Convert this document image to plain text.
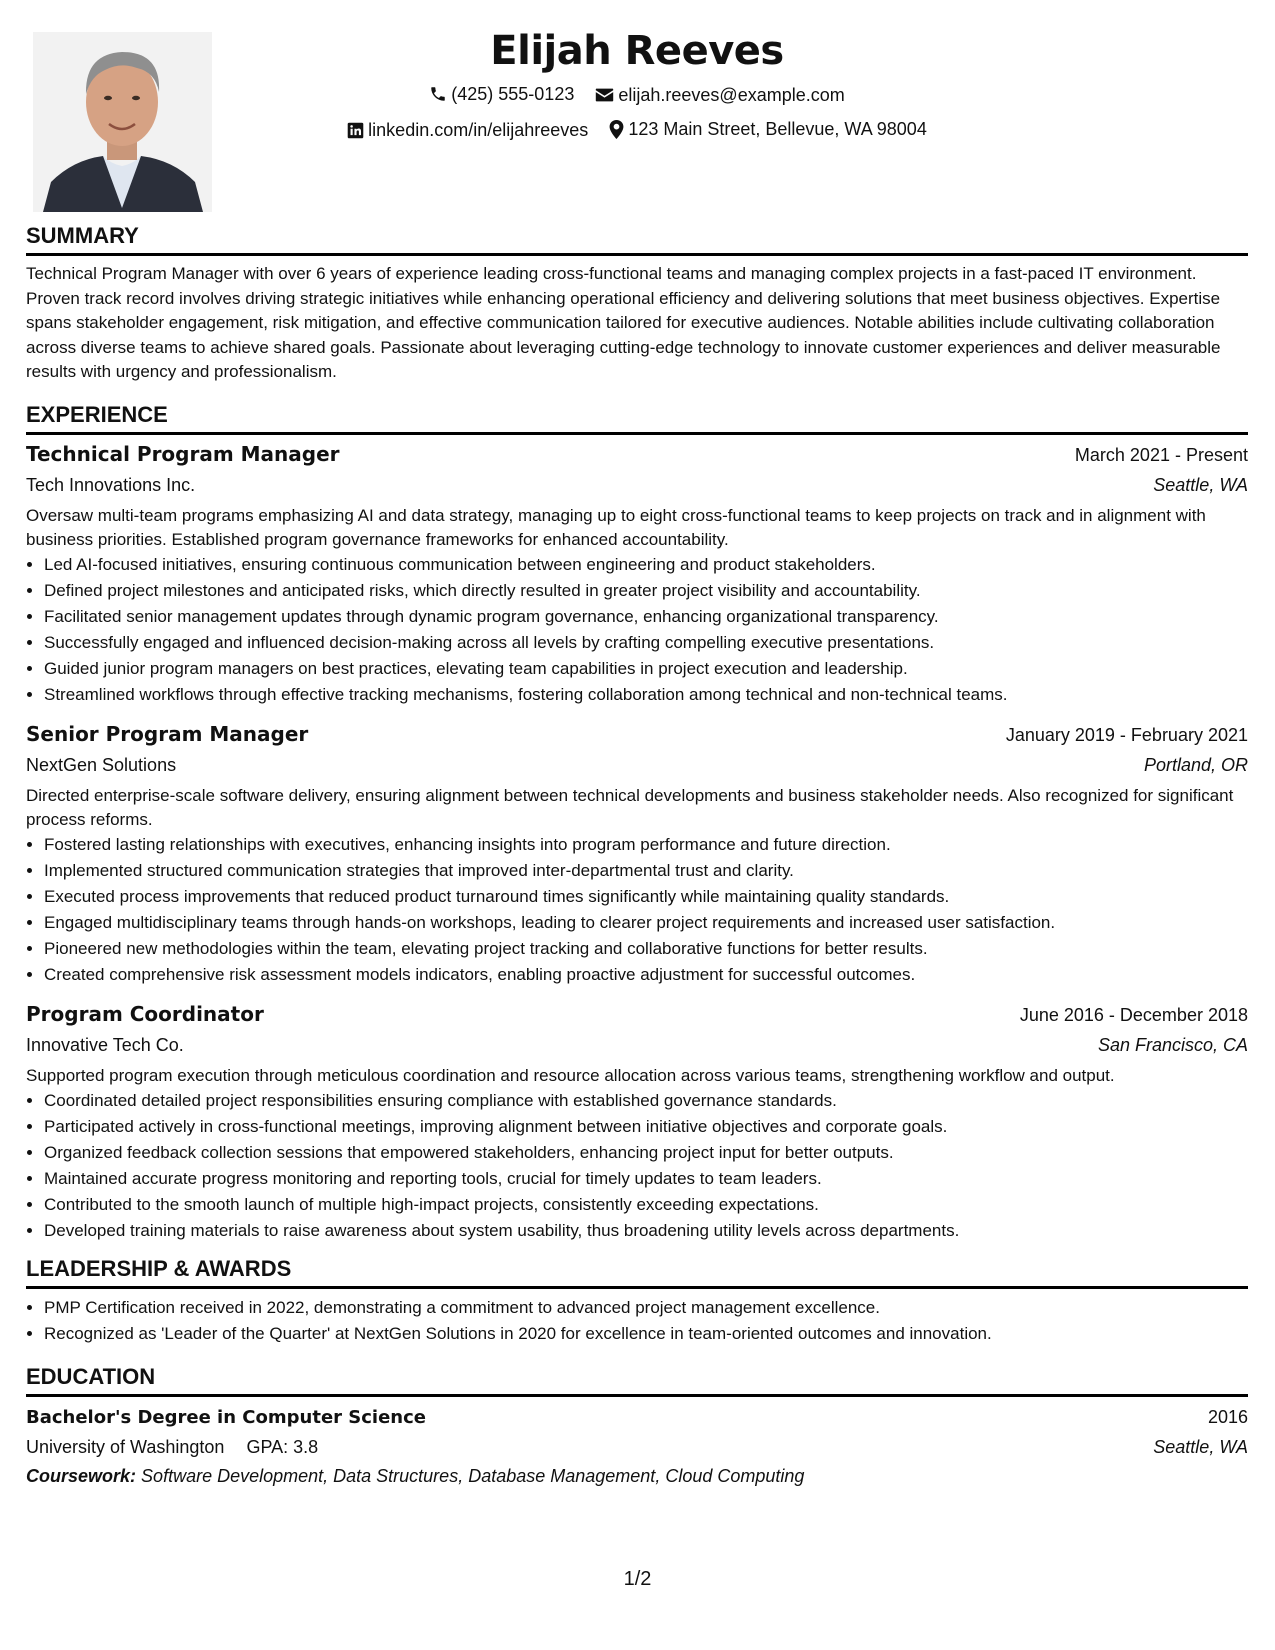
Elijah Reeves
(425) 555-0123
elijah.reeves@example.com
linkedin.com/in/elijahreeves
123 Main Street, Bellevue, WA 98004
SUMMARY

Technical Program Manager with over 6 years of experience leading cross-functional teams and managing complex projects in a fast-paced IT environment. Proven track record involves driving strategic initiatives while enhancing operational efficiency and delivering solutions that meet business objectives. Expertise spans stakeholder engagement, risk mitigation, and effective communication tailored for executive audiences. Notable abilities include cultivating collaboration across diverse teams to achieve shared goals. Passionate about leveraging cutting-edge technology to innovate customer experiences and deliver measurable results with urgency and professionalism.

EXPERIENCE
Technical Program Manager	March 2021 - Present
Tech Innovations Inc.	Seattle, WA

Oversaw multi-team programs emphasizing AI and data strategy, managing up to eight cross-functional teams to keep projects on track and in alignment with business priorities. Established program governance frameworks for enhanced accountability.

• Led AI-focused initiatives, ensuring continuous communication between engineering and product stakeholders.
• Defined project milestones and anticipated risks, which directly resulted in greater project visibility and accountability.
• Facilitated senior management updates through dynamic program governance, enhancing organizational transparency.
• Successfully engaged and influenced decision-making across all levels by crafting compelling executive presentations.
• Guided junior program managers on best practices, elevating team capabilities in project execution and leadership.
• Streamlined workflows through effective tracking mechanisms, fostering collaboration among technical and non-technical teams.
Senior Program Manager	January 2019 - February 2021
NextGen Solutions	Portland, OR

Directed enterprise-scale software delivery, ensuring alignment between technical developments and business stakeholder needs. Also recognized for significant process reforms.

• Fostered lasting relationships with executives, enhancing insights into program performance and future direction.
• Implemented structured communication strategies that improved inter-departmental trust and clarity.
• Executed process improvements that reduced product turnaround times significantly while maintaining quality standards.
• Engaged multidisciplinary teams through hands-on workshops, leading to clearer project requirements and increased user satisfaction.
• Pioneered new methodologies within the team, elevating project tracking and collaborative functions for better results.
• Created comprehensive risk assessment models indicators, enabling proactive adjustment for successful outcomes.
Program Coordinator	June 2016 - December 2018
Innovative Tech Co.	San Francisco, CA

Supported program execution through meticulous coordination and resource allocation across various teams, strengthening workflow and output.

• Coordinated detailed project responsibilities ensuring compliance with established governance standards.
• Participated actively in cross-functional meetings, improving alignment between initiative objectives and corporate goals.
• Organized feedback collection sessions that empowered stakeholders, enhancing project input for better outputs.
• Maintained accurate progress monitoring and reporting tools, crucial for timely updates to team leaders.
• Contributed to the smooth launch of multiple high-impact projects, consistently exceeding expectations.
• Developed training materials to raise awareness about system usability, thus broadening utility levels across departments.
LEADERSHIP & AWARDS
• PMP Certification received in 2022, demonstrating a commitment to advanced project management excellence.
• Recognized as 'Leader of the Quarter' at NextGen Solutions in 2020 for excellence in team-oriented outcomes and innovation.
EDUCATION
Bachelor's Degree in Computer Science	2016
University of Washington GPA: 3.8	Seattle, WA
Coursework: Software Development, Data Structures, Database Management, Cloud Computing
1/2
